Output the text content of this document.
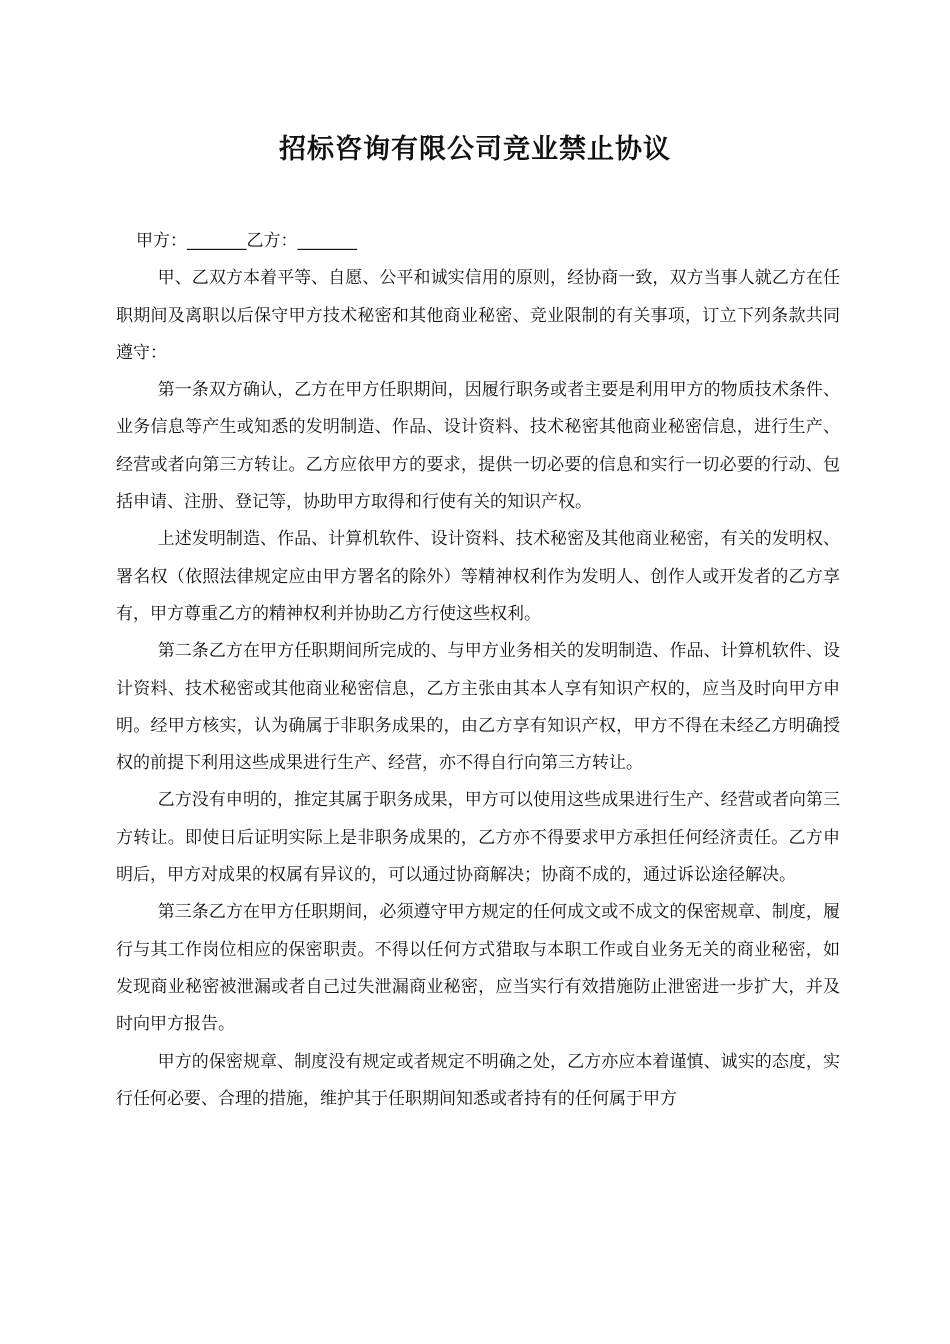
招标咨询有限公司竞业禁止协议

甲方：_______乙方：_______

甲、乙双方本着平等、自愿、公平和诚实信用的原则，经协商一致，双方当事人就乙方在任职期间及离职以后保守甲方技术秘密和其他商业秘密、竞业限制的有关事项，订立下列条款共同遵守：

第一条双方确认，乙方在甲方任职期间，因履行职务或者主要是利用甲方的物质技术条件、业务信息等产生或知悉的发明制造、作品、设计资料、技术秘密其他商业秘密信息，进行生产、经营或者向第三方转让。乙方应依甲方的要求，提供一切必要的信息和实行一切必要的行动、包括申请、注册、登记等，协助甲方取得和行使有关的知识产权。

上述发明制造、作品、计算机软件、设计资料、技术秘密及其他商业秘密，有关的发明权、署名权（依照法律规定应由甲方署名的除外）等精神权利作为发明人、创作人或开发者的乙方享有，甲方尊重乙方的精神权利并协助乙方行使这些权利。

第二条乙方在甲方任职期间所完成的、与甲方业务相关的发明制造、作品、计算机软件、设计资料、技术秘密或其他商业秘密信息，乙方主张由其本人享有知识产权的，应当及时向甲方申明。经甲方核实，认为确属于非职务成果的，由乙方享有知识产权，甲方不得在未经乙方明确授权的前提下利用这些成果进行生产、经营，亦不得自行向第三方转让。

乙方没有申明的，推定其属于职务成果，甲方可以使用这些成果进行生产、经营或者向第三方转让。即使日后证明实际上是非职务成果的，乙方亦不得要求甲方承担任何经济责任。乙方申明后，甲方对成果的权属有异议的，可以通过协商解决；协商不成的，通过诉讼途径解决。

第三条乙方在甲方任职期间，必须遵守甲方规定的任何成文或不成文的保密规章、制度，履行与其工作岗位相应的保密职责。不得以任何方式猎取与本职工作或自业务无关的商业秘密，如发现商业秘密被泄漏或者自己过失泄漏商业秘密，应当实行有效措施防止泄密进一步扩大，并及时向甲方报告。

甲方的保密规章、制度没有规定或者规定不明确之处，乙方亦应本着谨慎、诚实的态度，实行任何必要、合理的措施，维护其于任职期间知悉或者持有的任何属于甲方
